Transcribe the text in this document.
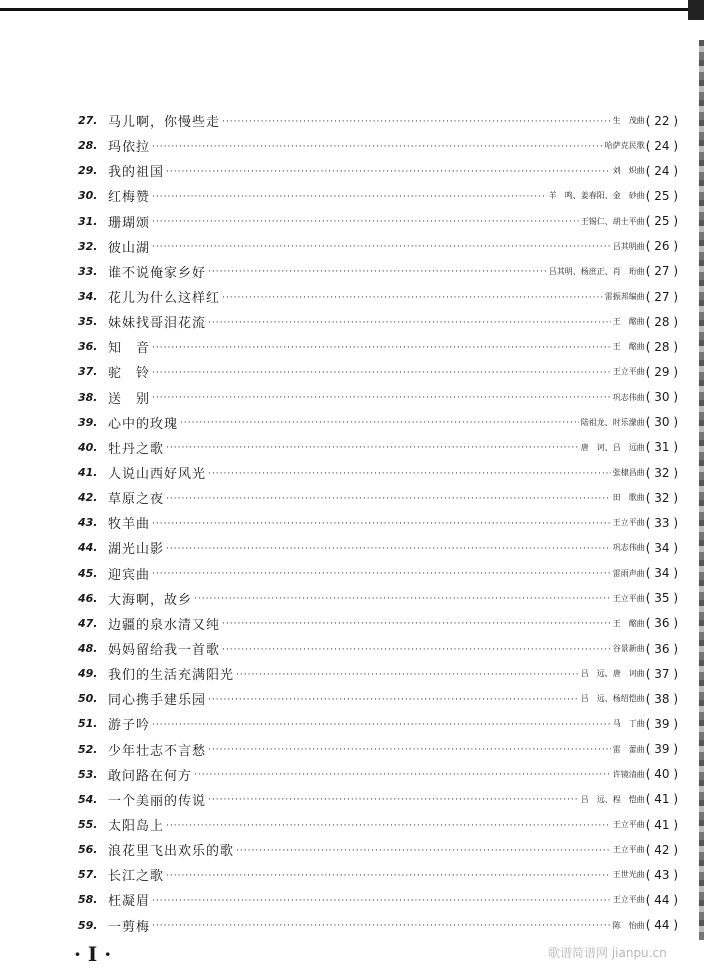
27. 马儿啊，你慢些走 ·····	生　茂曲 ( 22 )
28. 玛依拉 ·····	哈萨克民歌 ( 24 )
29. 我的祖国 ·····	刘　炽曲 ( 24 )
30. 红梅赞 ·····	羊　鸣、姜春阳、金　砂曲 ( 25 )
31. 珊瑚颂 ·····	王锡仁、胡士平曲 ( 25 )
32. 彼山湖 ·····	吕其明曲 ( 26 )
33. 谁不说俺家乡好 ·····	吕其明、杨庶正、肖　珩曲 ( 27 )
34. 花儿为什么这样红 ·····	雷振邦编曲 ( 27 )
35. 妹妹找哥泪花流 ·····	王　酩曲 ( 28 )
36. 知　音 ·····	王　酩曲 ( 28 )
37. 驼　铃 ·····	王立平曲 ( 29 )
38. 送　别 ·····	巩志伟曲 ( 30 )
39. 心中的玫瑰 ·····	陆祖龙、时乐濛曲 ( 30 )
40. 牡丹之歌 ·····	唐　诃、吕　远曲 ( 31 )
41. 人说山西好风光 ·····	张棣昌曲 ( 32 )
42. 草原之夜 ·····	田　歌曲 ( 32 )
43. 牧羊曲 ·····	王立平曲 ( 33 )
44. 湖光山影 ·····	巩志伟曲 ( 34 )
45. 迎宾曲 ·····	雷雨声曲 ( 34 )
46. 大海啊，故乡 ·····	王立平曲 ( 35 )
47. 边疆的泉水清又纯 ·····	王　酩曲 ( 36 )
48. 妈妈留给我一首歌 ·····	谷景新曲 ( 36 )
49. 我们的生活充满阳光 ·····	吕　远、唐　诃曲 ( 37 )
50. 同心携手建乐园 ·····	吕　远、杨绍恺曲 ( 38 )
51. 游子吟 ·····	马　丁曲 ( 39 )
52. 少年壮志不言愁 ·····	雷　蕾曲 ( 39 )
53. 敢问路在何方 ·····	许镜清曲 ( 40 )
54. 一个美丽的传说 ·····	吕　远、程　恺曲 ( 41 )
55. 太阳岛上 ·····	王立平曲 ( 41 )
56. 浪花里飞出欢乐的歌 ·····	王立平曲 ( 42 )
57. 长江之歌 ·····	王世光曲 ( 43 )
58. 枉凝眉 ·····	王立平曲 ( 44 )
59. 一剪梅 ·····	陈　怡曲 ( 44 )
· I ·	歌谱简谱网 jianpu.cn
